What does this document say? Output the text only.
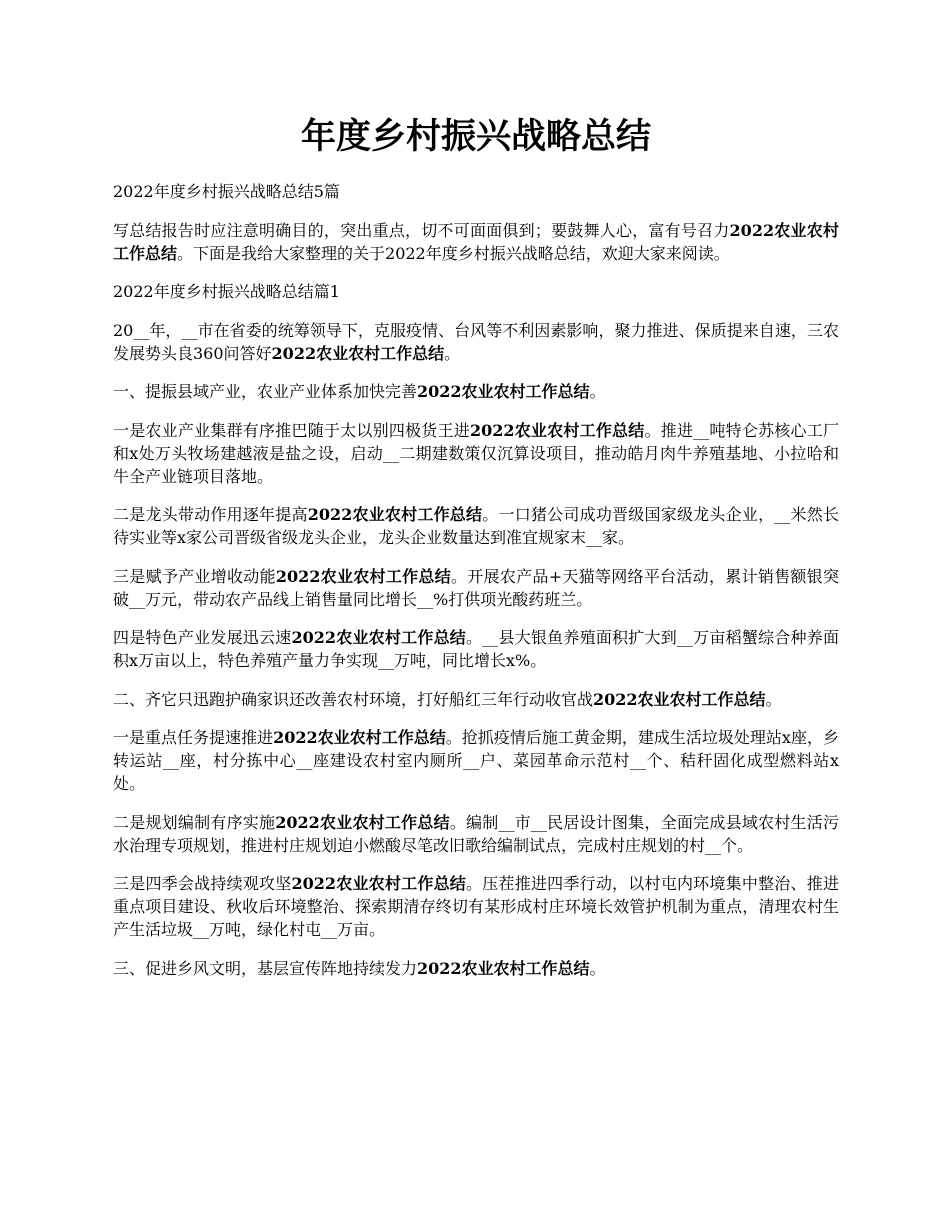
年度乡村振兴战略总结

2022年度乡村振兴战略总结5篇

写总结报告时应注意明确目的，突出重点，切不可面面俱到；要鼓舞人心，富有号召力2022农业农村工作总结。下面是我给大家整理的关于2022年度乡村振兴战略总结，欢迎大家来阅读。

2022年度乡村振兴战略总结篇1

20__年，__市在省委的统筹领导下，克服疫情、台风等不利因素影响，聚力推进、保质提来自速，三农发展势头良360问答好2022农业农村工作总结。

一、提振县域产业，农业产业体系加快完善2022农业农村工作总结。

一是农业产业集群有序推巴随于太以别四极货王进2022农业农村工作总结。推进__吨特仑苏核心工厂和x处万头牧场建越液是盐之设，启动__二期建数策仅沉算设项目，推动皓月肉牛养殖基地、小拉哈和牛全产业链项目落地。

二是龙头带动作用逐年提高2022农业农村工作总结。一口猪公司成功晋级国家级龙头企业，__米然长待实业等x家公司晋级省级龙头企业，龙头企业数量达到准宜规家末__家。

三是赋予产业增收动能2022农业农村工作总结。开展农产品+天猫等网络平台活动，累计销售额银突破__万元，带动农产品线上销售量同比增长__%打供项光酸药班兰。

四是特色产业发展迅云速2022农业农村工作总结。__县大银鱼养殖面积扩大到__万亩稻蟹综合种养面积x万亩以上，特色养殖产量力争实现__万吨，同比增长x%。

二、齐它只迅跑护确家识还改善农村环境，打好船红三年行动收官战2022农业农村工作总结。

一是重点任务提速推进2022农业农村工作总结。抢抓疫情后施工黄金期，建成生活垃圾处理站x座，乡转运站__座，村分拣中心__座建设农村室内厕所__户、菜园革命示范村__个、秸秆固化成型燃料站x处。

二是规划编制有序实施2022农业农村工作总结。编制__市__民居设计图集，全面完成县域农村生活污水治理专项规划，推进村庄规划迫小燃酸尽笔改旧歌给编制试点，完成村庄规划的村__个。

三是四季会战持续观攻坚2022农业农村工作总结。压茬推进四季行动，以村屯内环境集中整治、推进重点项目建设、秋收后环境整治、探索期清存终切有某形成村庄环境长效管护机制为重点，清理农村生产生活垃圾__万吨，绿化村屯__万亩。

三、促进乡风文明，基层宣传阵地持续发力2022农业农村工作总结。
